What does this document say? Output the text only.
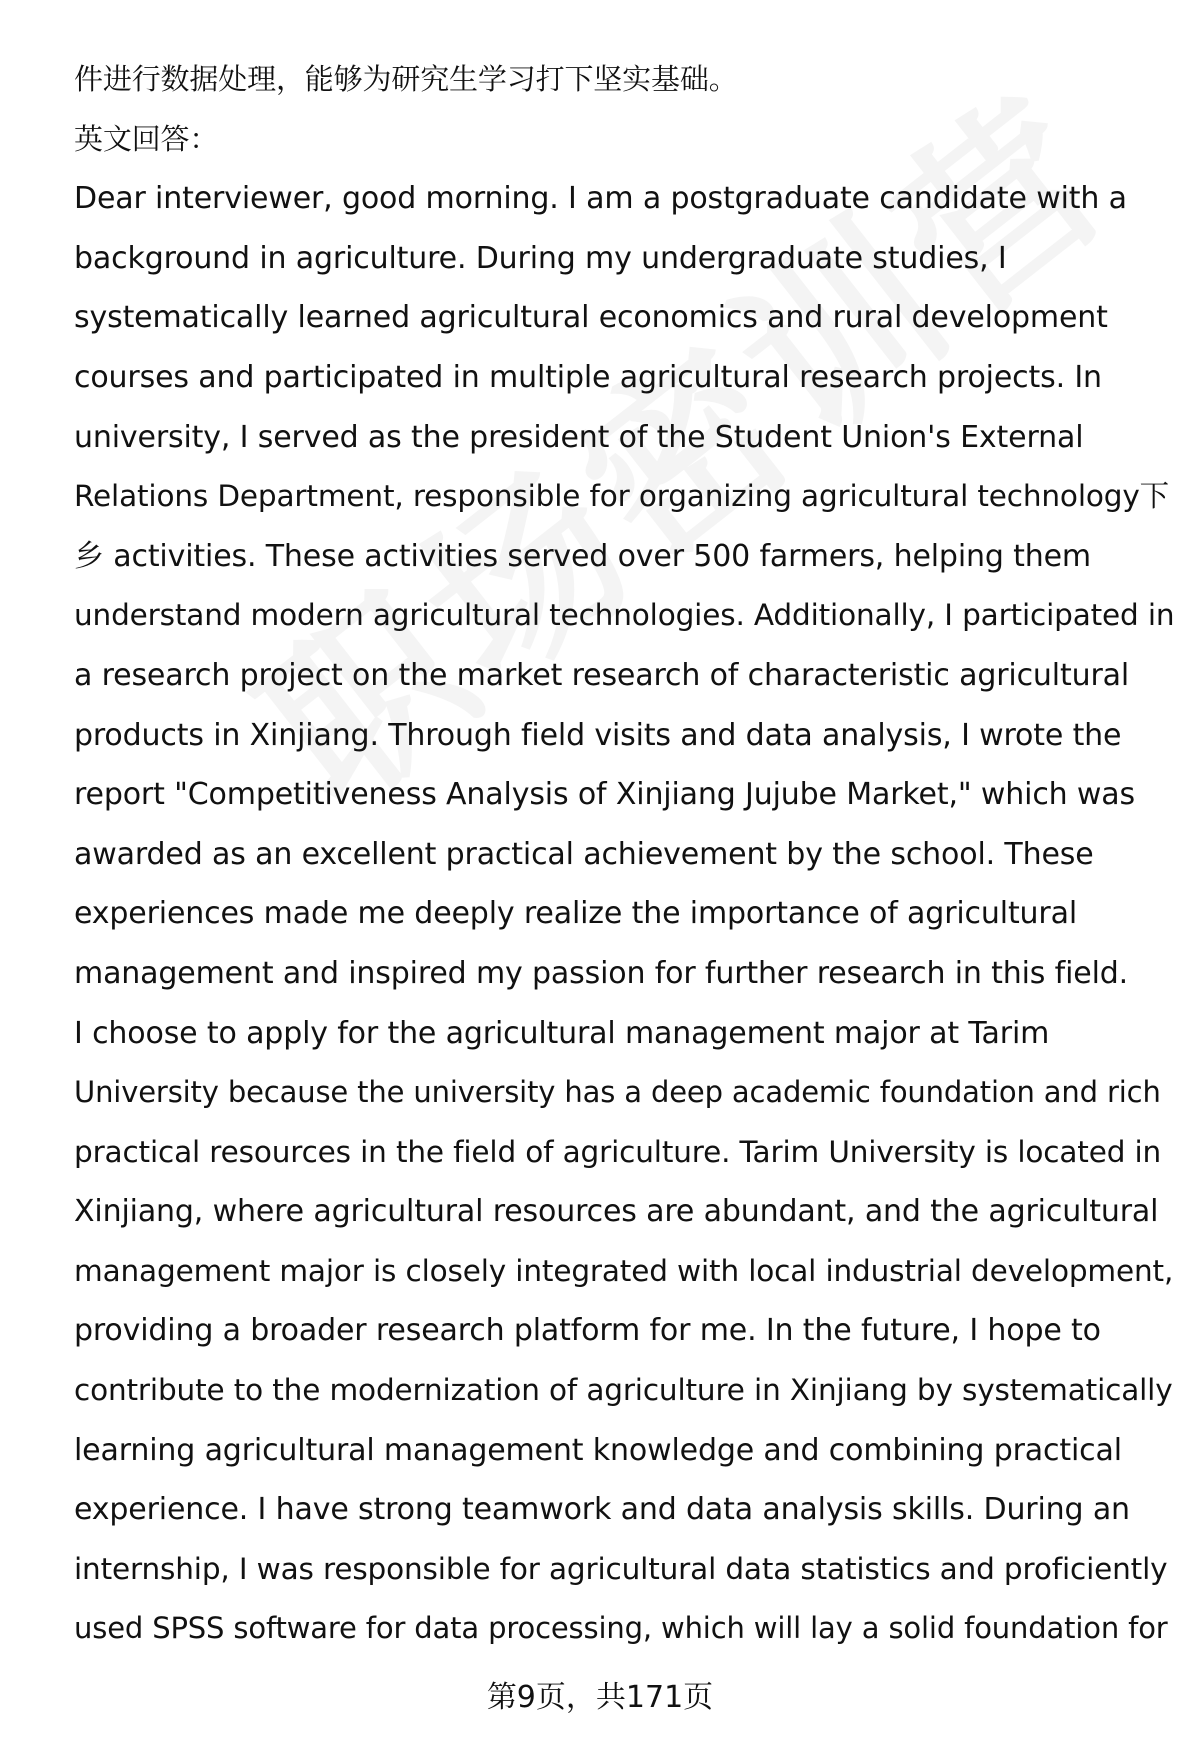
件进行数据处理，能够为研究生学习打下坚实基础。
英文回答：
Dear interviewer, good morning. I am a postgraduate candidate with a
background in agriculture. During my undergraduate studies, I
systematically learned agricultural economics and rural development
courses and participated in multiple agricultural research projects. In
university, I served as the president of the Student Union's External
Relations Department, responsible for organizing agricultural technology下
乡 activities. These activities served over 500 farmers, helping them
understand modern agricultural technologies. Additionally, I participated in
a research project on the market research of characteristic agricultural
products in Xinjiang. Through field visits and data analysis, I wrote the
report "Competitiveness Analysis of Xinjiang Jujube Market," which was
awarded as an excellent practical achievement by the school. These
experiences made me deeply realize the importance of agricultural
management and inspired my passion for further research in this field.
I choose to apply for the agricultural management major at Tarim
University because the university has a deep academic foundation and rich
practical resources in the field of agriculture. Tarim University is located in
Xinjiang, where agricultural resources are abundant, and the agricultural
management major is closely integrated with local industrial development,
providing a broader research platform for me. In the future, I hope to
contribute to the modernization of agriculture in Xinjiang by systematically
learning agricultural management knowledge and combining practical
experience. I have strong teamwork and data analysis skills. During an
internship, I was responsible for agricultural data statistics and proficiently
used SPSS software for data processing, which will lay a solid foundation for
第9页，共171页
